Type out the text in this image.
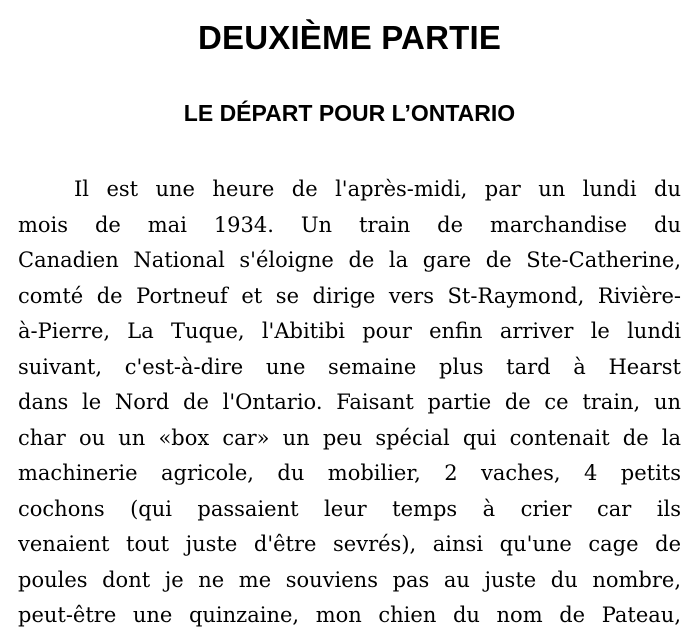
DEUXIÈME PARTIE
LE DÉPART POUR L’ONTARIO
Il est une heure de l'après-midi, par un lundi du
mois de mai 1934. Un train de marchandise du
Canadien National s'éloigne de la gare de Ste-Catherine,
comté de Portneuf et se dirige vers St-Raymond, Rivière-
à-Pierre, La Tuque, l'Abitibi pour enfin arriver le lundi
suivant, c'est-à-dire une semaine plus tard à Hearst
dans le Nord de l'Ontario. Faisant partie de ce train, un
char ou un «box car» un peu spécial qui contenait de la
machinerie agricole, du mobilier, 2 vaches, 4 petits
cochons (qui passaient leur temps à crier car ils
venaient tout juste d'être sevrés), ainsi qu'une cage de
poules dont je ne me souviens pas au juste du nombre,
peut-être une quinzaine, mon chien du nom de Pateau,
